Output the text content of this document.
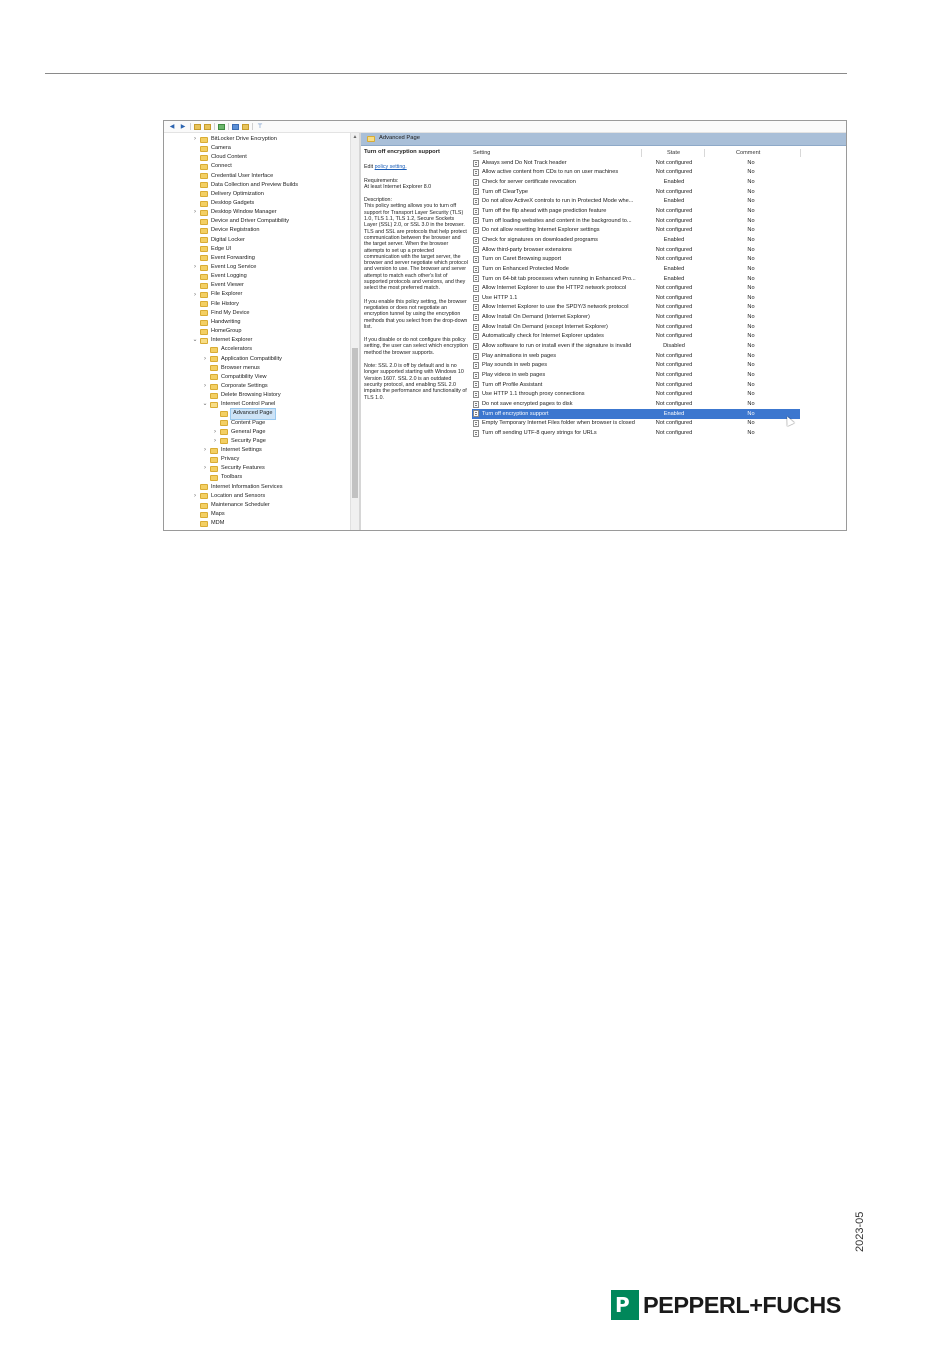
◀ ▶	⊤
›	BitLocker Drive Encryption
Camera
Cloud Content
Connect
Credential User Interface
Data Collection and Preview Builds
Delivery Optimization
Desktop Gadgets
›	Desktop Window Manager
Device and Driver Compatibility
Device Registration
Digital Locker
Edge UI
Event Forwarding
›	Event Log Service
Event Logging
Event Viewer
›	File Explorer
File History
Find My Device
Handwriting
HomeGroup
⌄ Internet Explorer
Accelerators
›	Application Compatibility
Browser menus
Compatibility View
›	Corporate Settings
Delete Browsing History
⌄ Internet Control Panel
Advanced Page
Content Page
›	General Page
›	Security Page
›	Internet Settings
Privacy
›	Security Features
Toolbars
Internet Information Services
›	Location and Sensors
Maintenance Scheduler
Maps
MDM
▲	Advanced Page
Turn off encryption support

Edit policy setting.

Requirements:
At least Internet Explorer 8.0

Description:
This policy setting allows you to turn off support for Transport Layer Security (TLS) 1.0, TLS 1.1, TLS 1.2, Secure Sockets Layer (SSL) 2.0, or SSL 3.0 in the browser. TLS and SSL are protocols that help protect communication between the browser and the target server. When the browser attempts to set up a protected communication with the target server, the browser and server negotiate which protocol and version to use. The browser and server attempt to match each other's list of supported protocols and versions, and they select the most preferred match.

If you enable this policy setting, the browser negotiates or does not negotiate an encryption tunnel by using the encryption methods that you select from the drop-down list.

If you disable or do not configure this policy setting, the user can select which encryption method the browser supports.

Note: SSL 2.0 is off by default and is no longer supported starting with Windows 10 Version 1607. SSL 2.0 is an outdated security protocol, and enabling SSL 2.0 impairs the performance and functionality of TLS 1.0.

Setting	State	Comment
Always send Do Not Track header	Not configured	No
Allow active content from CDs to run on user machines	Not configured	No
Check for server certificate revocation	Enabled	No
Turn off ClearType	Not configured	No
Do not allow ActiveX controls to run in Protected Mode whe...	Enabled	No
Turn off the flip ahead with page prediction feature	Not configured	No
Turn off loading websites and content in the background to...	Not configured	No
Do not allow resetting Internet Explorer settings	Not configured	No
Check for signatures on downloaded programs	Enabled	No
Allow third-party browser extensions	Not configured	No
Turn on Caret Browsing support	Not configured	No
Turn on Enhanced Protected Mode	Enabled	No
Turn on 64-bit tab processes when running in Enhanced Pro...	Enabled	No
Allow Internet Explorer to use the HTTP2 network protocol	Not configured	No
Use HTTP 1.1	Not configured	No
Allow Internet Explorer to use the SPDY/3 network protocol	Not configured	No
Allow Install On Demand (Internet Explorer)	Not configured	No
Allow Install On Demand (except Internet Explorer)	Not configured	No
Automatically check for Internet Explorer updates	Not configured	No
Allow software to run or install even if the signature is invalid	Disabled	No
Play animations in web pages	Not configured	No
Play sounds in web pages	Not configured	No
Play videos in web pages	Not configured	No
Turn off Profile Assistant	Not configured	No
Use HTTP 1.1 through proxy connections	Not configured	No
Do not save encrypted pages to disk	Not configured	No
Turn off encryption support	Enabled	No
Empty Temporary Internet Files folder when browser is closed	Not configured	No
Turn off sending UTF-8 query strings for URLs	Not configured	No
2023-05
P PEPPERL+FUCHS
